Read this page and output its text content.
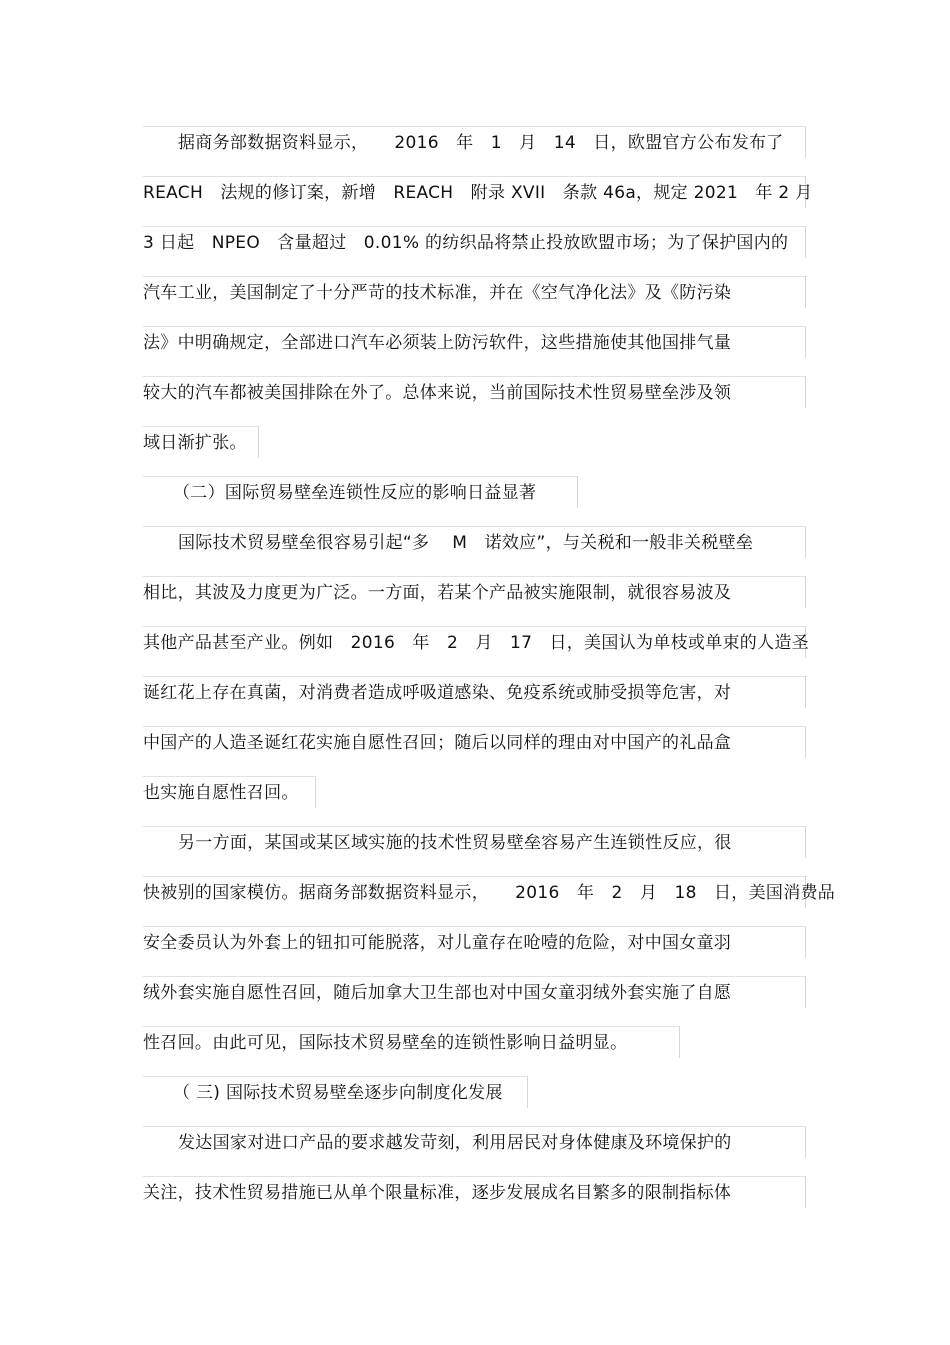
据商务部数据资料显示，　　2016　年　1　月　14　日，欧盟官方公布发布了
REACH　法规的修订案，新增　REACH　附录 XVII　条款 46a，规定 2021　年 2 月
3 日起　NPEO　含量超过　0.01% 的纺织品将禁止投放欧盟市场；为了保护国内的
汽车工业，美国制定了十分严苛的技术标准，并在《空气净化法》及《防污染
法》中明确规定，全部进口汽车必须装上防污软件，这些措施使其他国排气量
较大的汽车都被美国排除在外了。总体来说，当前国际技术性贸易壁垒涉及领
域日渐扩张。
（二）国际贸易壁垒连锁性反应的影响日益显著
国际技术贸易壁垒很容易引起“多　 M　诺效应”，与关税和一般非关税壁垒
相比，其波及力度更为广泛。一方面，若某个产品被实施限制，就很容易波及
其他产品甚至产业。例如　2016　年　2　月　17　日，美国认为单枝或单束的人造圣
诞红花上存在真菌，对消费者造成呼吸道感染、免疫系统或肺受损等危害，对
中国产的人造圣诞红花实施自愿性召回；随后以同样的理由对中国产的礼品盒
也实施自愿性召回。
另一方面，某国或某区域实施的技术性贸易壁垒容易产生连锁性反应，很
快被别的国家模仿。据商务部数据资料显示，　　2016　年　2　月　18　日，美国消费品
安全委员认为外套上的钮扣可能脱落，对儿童存在呛噎的危险，对中国女童羽
绒外套实施自愿性召回，随后加拿大卫生部也对中国女童羽绒外套实施了自愿
性召回。由此可见，国际技术贸易壁垒的连锁性影响日益明显。
（ 三) 国际技术贸易壁垒逐步向制度化发展
发达国家对进口产品的要求越发苛刻，利用居民对身体健康及环境保护的
关注，技术性贸易措施已从单个限量标准，逐步发展成名目繁多的限制指标体
